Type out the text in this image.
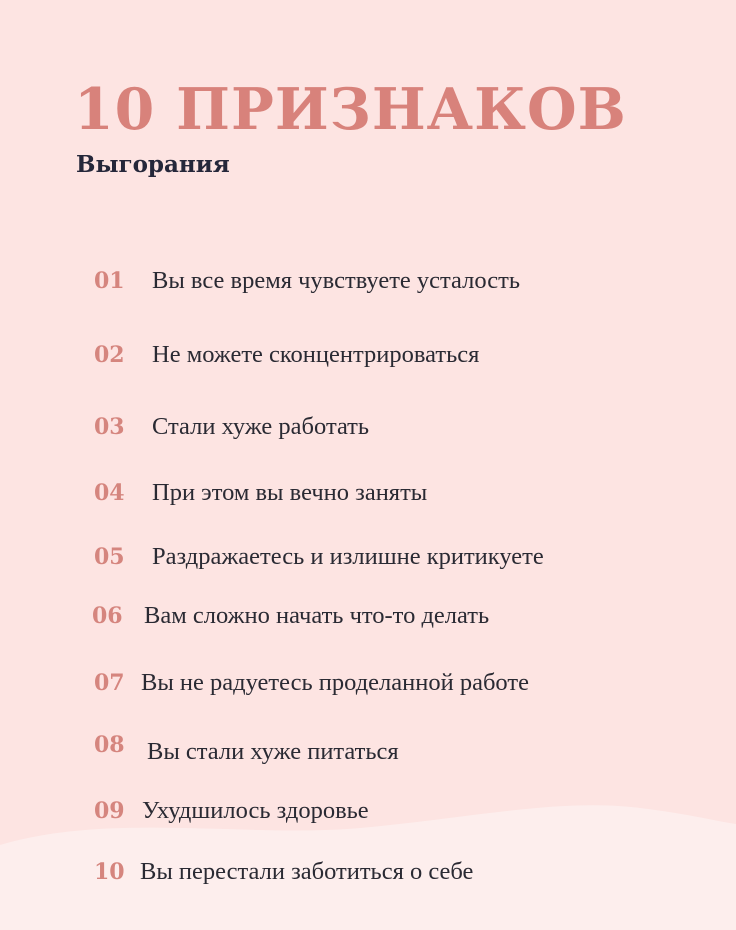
10 ПРИЗНАКОВ
Выгорания
01 Вы все время чувствуете усталость
02 Не можете сконцентрироваться
03 Стали хуже работать
04 При этом вы вечно заняты
05 Раздражаетесь и излишне критикуете
06 Вам сложно начать что-то делать
07 Вы не радуетесь проделанной работе
08 Вы стали хуже питаться
09 Ухудшилось здоровье
10 Вы перестали заботиться о себе
